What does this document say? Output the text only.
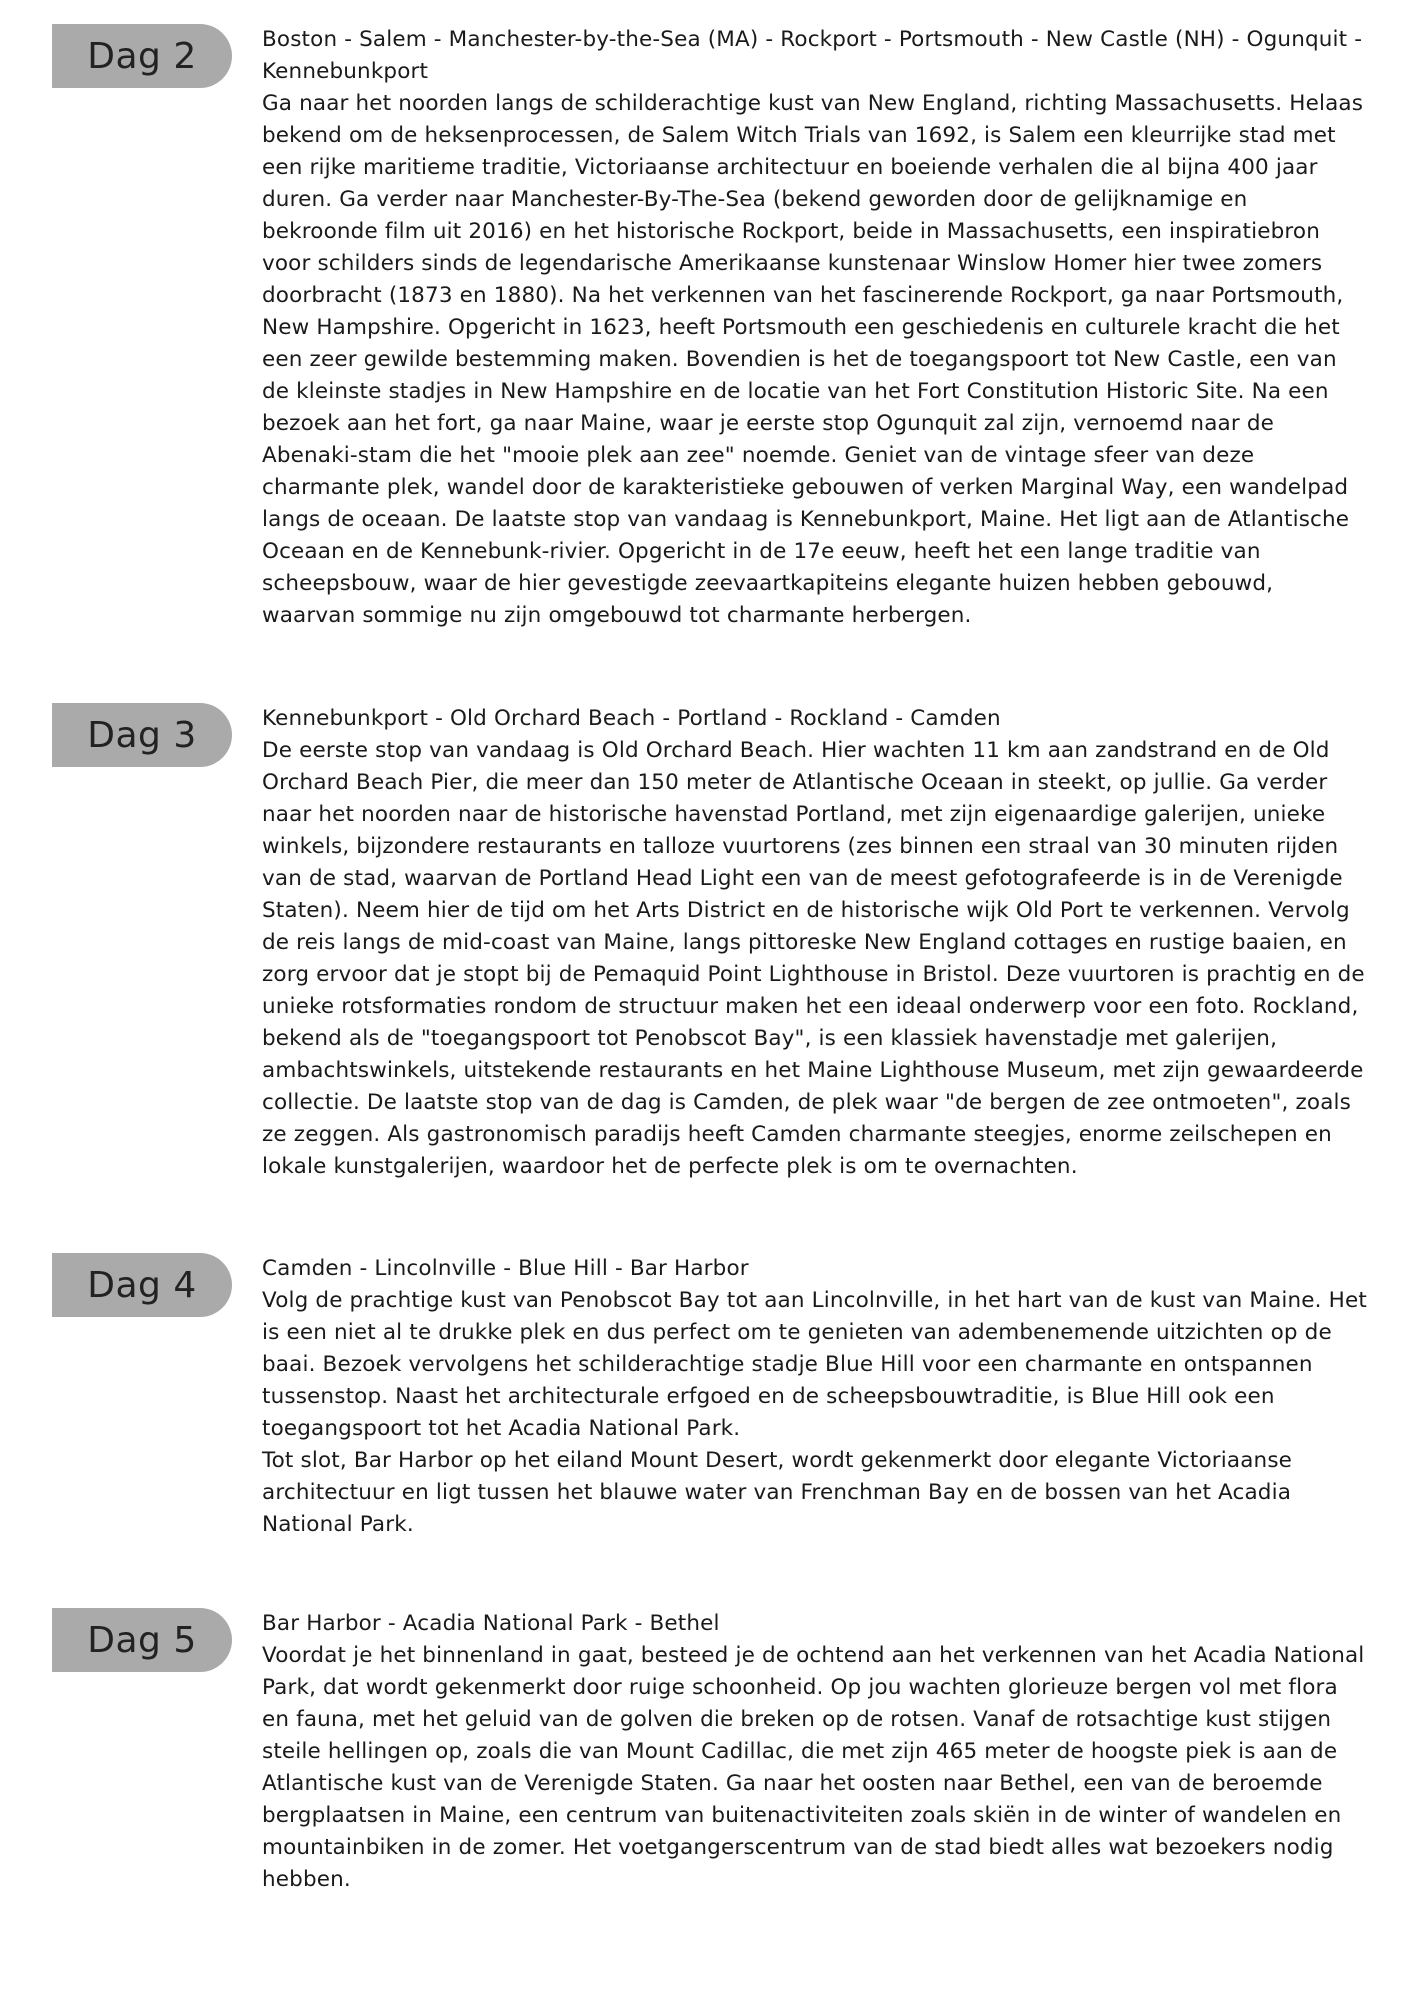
Dag 2	Boston - Salem - Manchester-by-the-Sea (MA) - Rockport - Portsmouth - New Castle (NH) - Ogunquit - Kennebunkport

Ga naar het noorden langs de schilderachtige kust van New England, richting Massachusetts. Helaas bekend om de heksenprocessen, de Salem Witch Trials van 1692, is Salem een kleurrijke stad met een rijke maritieme traditie, Victoriaanse architectuur en boeiende verhalen die al bijna 400 jaar duren. Ga verder naar Manchester-By-The-Sea (bekend geworden door de gelijknamige en bekroonde film uit 2016) en het historische Rockport, beide in Massachusetts, een inspiratiebron voor schilders sinds de legendarische Amerikaanse kunstenaar Winslow Homer hier twee zomers doorbracht (1873 en 1880). Na het verkennen van het fascinerende Rockport, ga naar Portsmouth, New Hampshire. Opgericht in 1623, heeft Portsmouth een geschiedenis en culturele kracht die het een zeer gewilde bestemming maken. Bovendien is het de toegangspoort tot New Castle, een van de kleinste stadjes in New Hampshire en de locatie van het Fort Constitution Historic Site. Na een bezoek aan het fort, ga naar Maine, waar je eerste stop Ogunquit zal zijn, vernoemd naar de Abenaki-stam die het "mooie plek aan zee" noemde. Geniet van de vintage sfeer van deze charmante plek, wandel door de karakteristieke gebouwen of verken Marginal Way, een wandelpad langs de oceaan. De laatste stop van vandaag is Kennebunkport, Maine. Het ligt aan de Atlantische Oceaan en de Kennebunk-rivier. Opgericht in de 17e eeuw, heeft het een lange traditie van scheepsbouw, waar de hier gevestigde zeevaartkapiteins elegante huizen hebben gebouwd, waarvan sommige nu zijn omgebouwd tot charmante herbergen.

Dag 3	Kennebunkport - Old Orchard Beach - Portland - Rockland - Camden

De eerste stop van vandaag is Old Orchard Beach. Hier wachten 11 km aan zandstrand en de Old Orchard Beach Pier, die meer dan 150 meter de Atlantische Oceaan in steekt, op jullie. Ga verder naar het noorden naar de historische havenstad Portland, met zijn eigenaardige galerijen, unieke winkels, bijzondere restaurants en talloze vuurtorens (zes binnen een straal van 30 minuten rijden van de stad, waarvan de Portland Head Light een van de meest gefotografeerde is in de Verenigde Staten). Neem hier de tijd om het Arts District en de historische wijk Old Port te verkennen. Vervolg de reis langs de mid-coast van Maine, langs pittoreske New England cottages en rustige baaien, en zorg ervoor dat je stopt bij de Pemaquid Point Lighthouse in Bristol. Deze vuurtoren is prachtig en de unieke rotsformaties rondom de structuur maken het een ideaal onderwerp voor een foto. Rockland, bekend als de "toegangspoort tot Penobscot Bay", is een klassiek havenstadje met galerijen, ambachtswinkels, uitstekende restaurants en het Maine Lighthouse Museum, met zijn gewaardeerde collectie. De laatste stop van de dag is Camden, de plek waar "de bergen de zee ontmoeten", zoals ze zeggen. Als gastronomisch paradijs heeft Camden charmante steegjes, enorme zeilschepen en lokale kunstgalerijen, waardoor het de perfecte plek is om te overnachten.

Dag 4	Camden - Lincolnville - Blue Hill - Bar Harbor

Volg de prachtige kust van Penobscot Bay tot aan Lincolnville, in het hart van de kust van Maine. Het is een niet al te drukke plek en dus perfect om te genieten van adembenemende uitzichten op de baai. Bezoek vervolgens het schilderachtige stadje Blue Hill voor een charmante en ontspannen tussenstop. Naast het architecturale erfgoed en de scheepsbouwtraditie, is Blue Hill ook een toegangspoort tot het Acadia National Park.

Tot slot, Bar Harbor op het eiland Mount Desert, wordt gekenmerkt door elegante Victoriaanse architectuur en ligt tussen het blauwe water van Frenchman Bay en de bossen van het Acadia National Park.

Dag 5	Bar Harbor - Acadia National Park - Bethel

Voordat je het binnenland in gaat, besteed je de ochtend aan het verkennen van het Acadia National Park, dat wordt gekenmerkt door ruige schoonheid. Op jou wachten glorieuze bergen vol met flora en fauna, met het geluid van de golven die breken op de rotsen. Vanaf de rotsachtige kust stijgen steile hellingen op, zoals die van Mount Cadillac, die met zijn 465 meter de hoogste piek is aan de Atlantische kust van de Verenigde Staten. Ga naar het oosten naar Bethel, een van de beroemde bergplaatsen in Maine, een centrum van buitenactiviteiten zoals skiën in de winter of wandelen en mountainbiken in de zomer. Het voetgangerscentrum van de stad biedt alles wat bezoekers nodig hebben.
